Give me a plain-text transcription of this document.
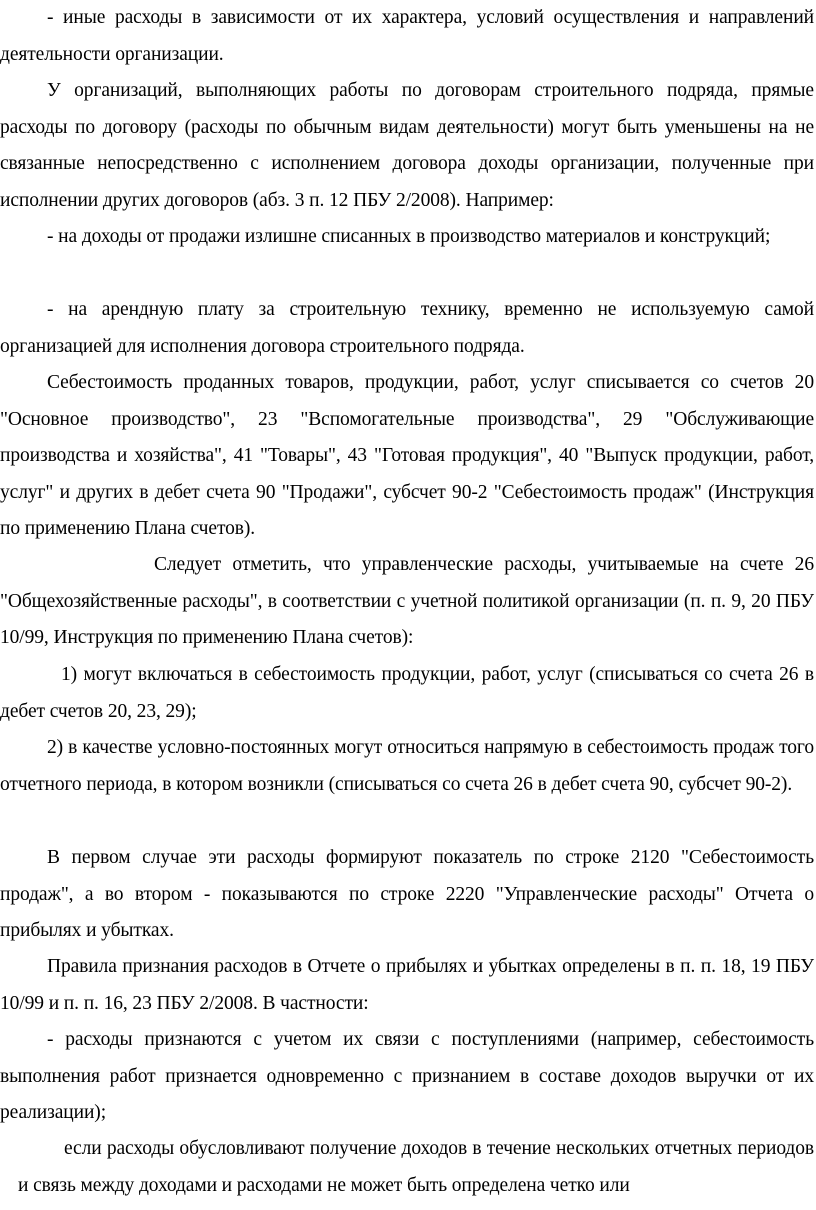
- иные расходы в зависимости от их характера, условий осуществления и направлений деятельности организации.

У организаций, выполняющих работы по договорам строительного подряда, прямые расходы по договору (расходы по обычным видам деятельности) могут быть уменьшены на не связанные непосредственно с исполнением договора доходы организации, полученные при исполнении других договоров (абз. 3 п. 12 ПБУ 2/2008). Например:

- на доходы от продажи излишне списанных в производство материалов и конструкций;

- на арендную плату за строительную технику, временно не используемую самой организацией для исполнения договора строительного подряда.

Себестоимость проданных товаров, продукции, работ, услуг списывается со счетов 20 "Основное производство", 23 "Вспомогательные производства", 29 "Обслуживающие производства и хозяйства", 41 "Товары", 43 "Готовая продукция", 40 "Выпуск продукции, работ, услуг" и других в дебет счета 90 "Продажи", субсчет 90-2 "Себестоимость продаж" (Инструкция по применению Плана счетов).

Следует отметить, что управленческие расходы, учитываемые на счете 26 "Общехозяйственные расходы", в соответствии с учетной политикой организации (п. п. 9, 20 ПБУ 10/99, Инструкция по применению Плана счетов):

1) могут включаться в себестоимость продукции, работ, услуг (списываться со счета 26 в дебет счетов 20, 23, 29);

2) в качестве условно-постоянных могут относиться напрямую в себестоимость продаж того отчетного периода, в котором возникли (списываться со счета 26 в дебет счета 90, субсчет 90-2).

В первом случае эти расходы формируют показатель по строке 2120 "Себестоимость продаж", а во втором - показываются по строке 2220 "Управленческие расходы" Отчета о прибылях и убытках.

Правила признания расходов в Отчете о прибылях и убытках определены в п. п. 18, 19 ПБУ 10/99 и п. п. 16, 23 ПБУ 2/2008. В частности:

- расходы признаются с учетом их связи с поступлениями (например, себестоимость выполнения работ признается одновременно с признанием в составе доходов выручки от их реализации);

если расходы обусловливают получение доходов в течение нескольких отчетных периодов и связь между доходами и расходами не может быть определена четко или
